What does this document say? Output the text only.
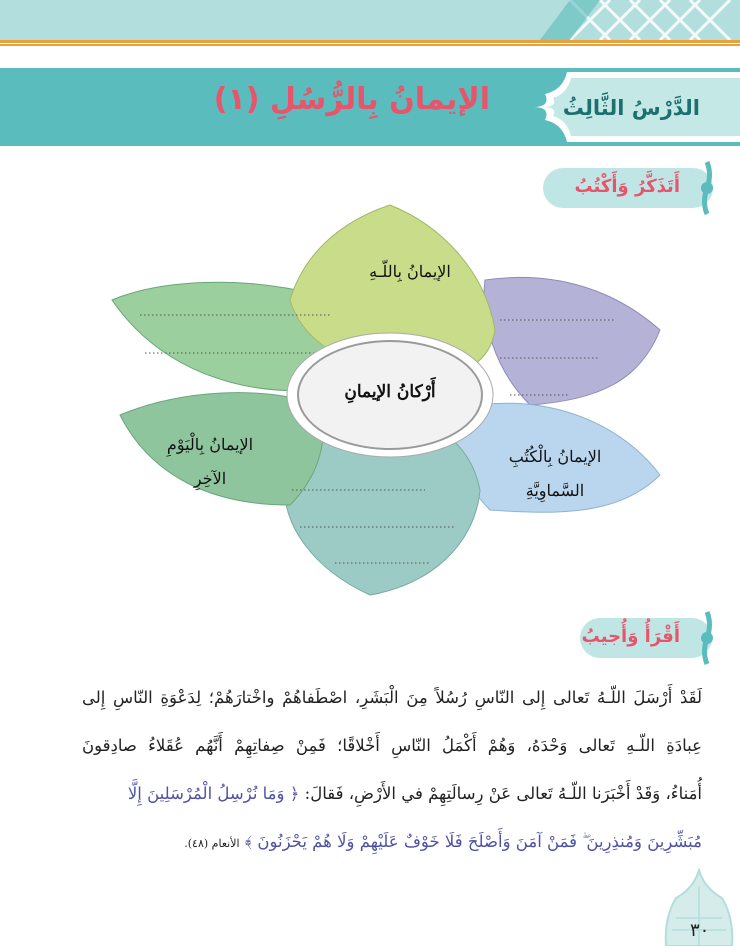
الدَّرْسُ الثَّالِثُ
الإيمانُ بِالرُّسُلِ (١)
أَتَذَكَّرُ وَأَكْتُبُ
أَرْكانُ الإيمانِ
الإيمانُ بِاللّـهِ
الإيمانُ بِالْكُتُبِ
السَّماوِيَّةِ
الإيمانُ بِالْيَوْمِ
الآخِرِ
أَقْرَأُ وَأُجيبُ
لَقَدْ أَرْسَلَ اللّـهُ تَعالى إِلى النّاسِ رُسُلاً مِنَ الْبَشَرِ، اصْطَفاهُمْ واخْتارَهُمْ؛ لِدَعْوَةِ النّاسِ إِلى
عِبادَةِ اللّـهِ تَعالى وَحْدَهُ، وَهُمْ أَكْمَلُ النّاسِ أَخْلاقًا؛ فَمِنْ صِفاتِهِمْ أَنَّهُم عُقَلاءُ صادِقونَ
أُمَناءُ، وَقَدْ أَخْبَرَنا اللّـهُ تَعالى عَنْ رِسالَتِهِمْ في الأَرْضِ، فَقالَ: ﴿ وَمَا نُرْسِلُ الْمُرْسَلِينَ إِلَّا
مُبَشِّرِينَ وَمُنذِرِينَ ۖ فَمَنْ آمَنَ وَأَصْلَحَ فَلَا خَوْفٌ عَلَيْهِمْ وَلَا هُمْ يَحْزَنُونَ ﴾ الأنعام (٤٨).
٣٠
